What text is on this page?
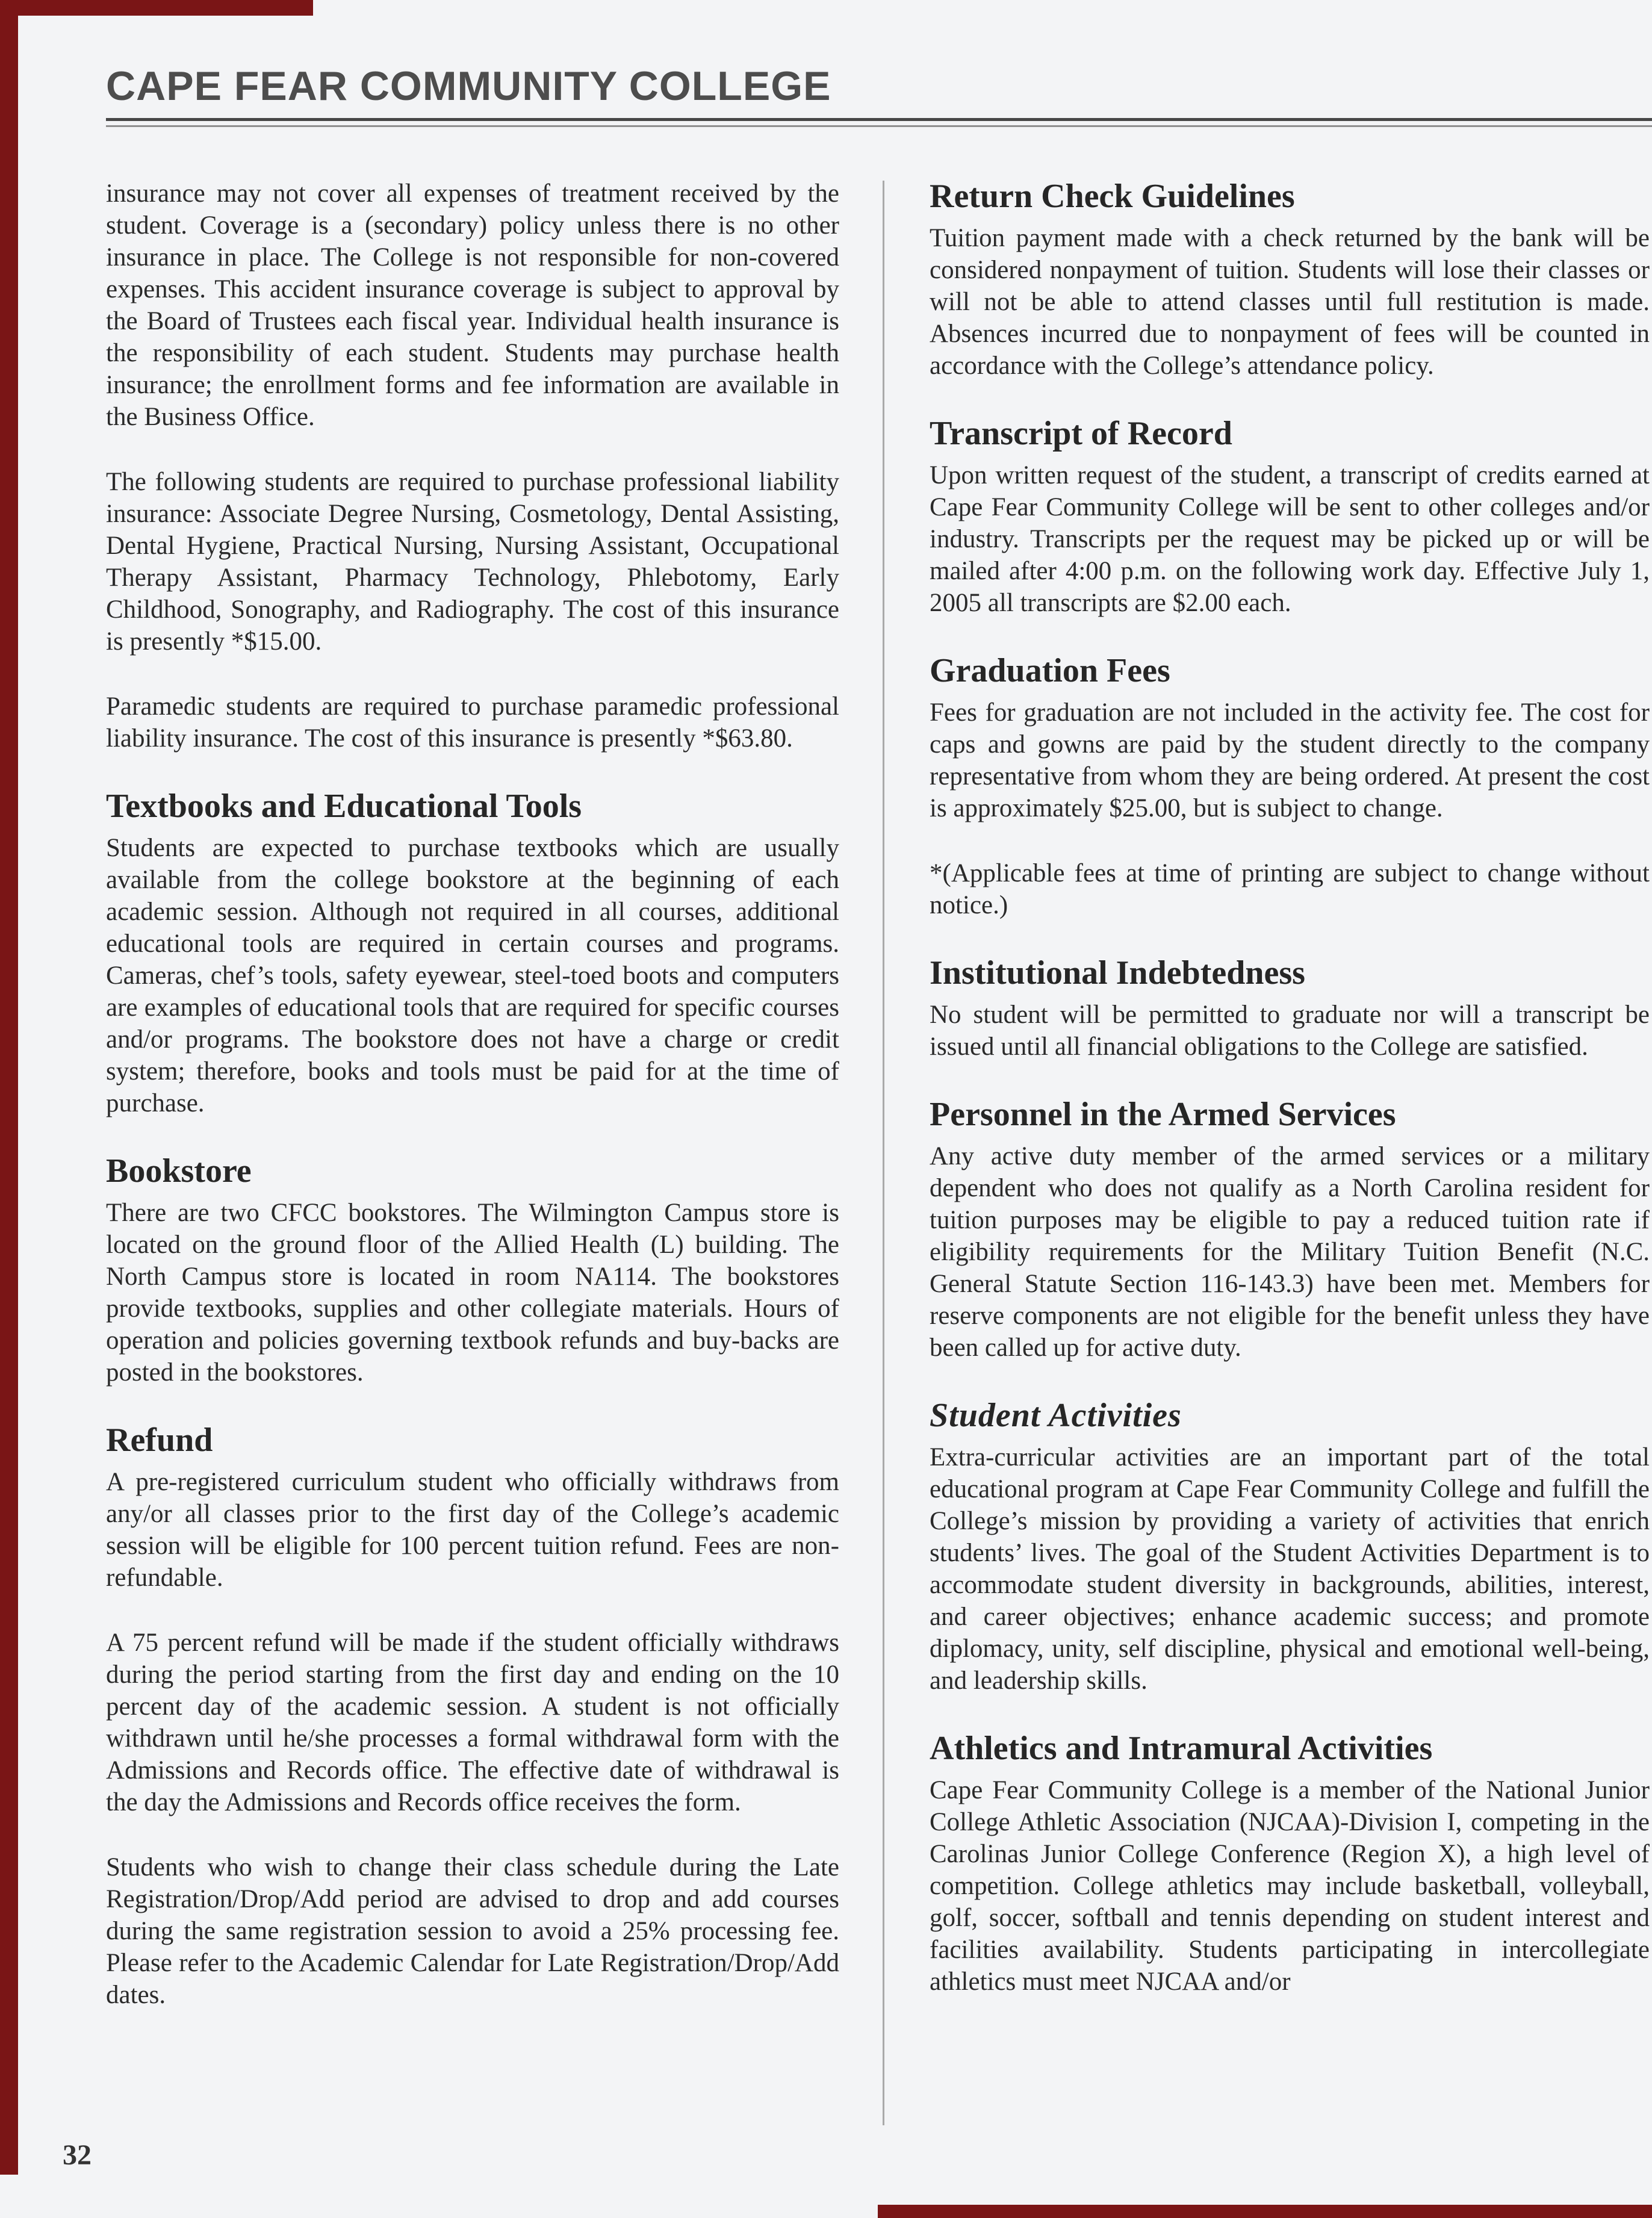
CAPE FEAR COMMUNITY COLLEGE

insurance may not cover all expenses of treatment received by the student. Coverage is a (secondary) policy unless there is no other insurance in place. The College is not responsible for non-covered expenses. This accident insurance coverage is subject to approval by the Board of Trustees each fiscal year. Individual health insurance is the responsibility of each student. Students may purchase health insurance; the enrollment forms and fee information are available in the Business Office.

The following students are required to purchase professional liability insurance: Associate Degree Nursing, Cosmetology, Dental Assisting, Dental Hygiene, Practical Nursing, Nursing Assistant, Occupational Therapy Assistant, Pharmacy Technology, Phlebotomy, Early Childhood, Sonography, and Radiography. The cost of this insurance is presently *$15.00.

Paramedic students are required to purchase paramedic professional liability insurance. The cost of this insurance is presently *$63.80.

Textbooks and Educational Tools

Students are expected to purchase textbooks which are usually available from the college bookstore at the beginning of each academic session. Although not required in all courses, additional educational tools are required in certain courses and programs. Cameras, chef’s tools, safety eyewear, steel-toed boots and computers are examples of educational tools that are required for specific courses and/or programs. The bookstore does not have a charge or credit system; therefore, books and tools must be paid for at the time of purchase.

Bookstore

There are two CFCC bookstores. The Wilmington Campus store is located on the ground floor of the Allied Health (L) building. The North Campus store is located in room NA114. The bookstores provide textbooks, supplies and other collegiate materials. Hours of operation and policies governing textbook refunds and buy-backs are posted in the bookstores.

Refund

A pre-registered curriculum student who officially withdraws from any/or all classes prior to the first day of the College’s academic session will be eligible for 100 percent tuition refund. Fees are non-refundable.

A 75 percent refund will be made if the student officially withdraws during the period starting from the first day and ending on the 10 percent day of the academic session. A student is not officially withdrawn until he/she processes a formal withdrawal form with the Admissions and Records office. The effective date of withdrawal is the day the Admissions and Records office receives the form.

Students who wish to change their class schedule during the Late Registration/Drop/Add period are advised to drop and add courses during the same registration session to avoid a 25% processing fee. Please refer to the Academic Calendar for Late Registration/Drop/Add dates.

Return Check Guidelines

Tuition payment made with a check returned by the bank will be considered nonpayment of tuition. Students will lose their classes or will not be able to attend classes until full restitution is made. Absences incurred due to nonpayment of fees will be counted in accordance with the College’s attendance policy.

Transcript of Record

Upon written request of the student, a transcript of credits earned at Cape Fear Community College will be sent to other colleges and/or industry. Transcripts per the request may be picked up or will be mailed after 4:00 p.m. on the following work day. Effective July 1, 2005 all transcripts are $2.00 each.

Graduation Fees

Fees for graduation are not included in the activity fee. The cost for caps and gowns are paid by the student directly to the company representative from whom they are being ordered. At present the cost is approximately $25.00, but is subject to change.

*(Applicable fees at time of printing are subject to change without notice.)

Institutional Indebtedness

No student will be permitted to graduate nor will a transcript be issued until all financial obligations to the College are satisfied.

Personnel in the Armed Services

Any active duty member of the armed services or a military dependent who does not qualify as a North Carolina resident for tuition purposes may be eligible to pay a reduced tuition rate if eligibility requirements for the Military Tuition Benefit (N.C. General Statute Section 116-143.3) have been met. Members for reserve components are not eligible for the benefit unless they have been called up for active duty.

Student Activities

Extra-curricular activities are an important part of the total educational program at Cape Fear Community College and fulfill the College’s mission by providing a variety of activities that enrich students’ lives. The goal of the Student Activities Department is to accommodate student diversity in backgrounds, abilities, interest, and career objectives; enhance academic success; and promote diplomacy, unity, self discipline, physical and emotional well-being, and leadership skills.

Athletics and Intramural Activities

Cape Fear Community College is a member of the National Junior College Athletic Association (NJCAA)-Division I, competing in the Carolinas Junior College Conference (Region X), a high level of competition. College athletics may include basketball, volleyball, golf, soccer, softball and tennis depending on student interest and facilities availability. Students participating in intercollegiate athletics must meet NJCAA and/or

32
